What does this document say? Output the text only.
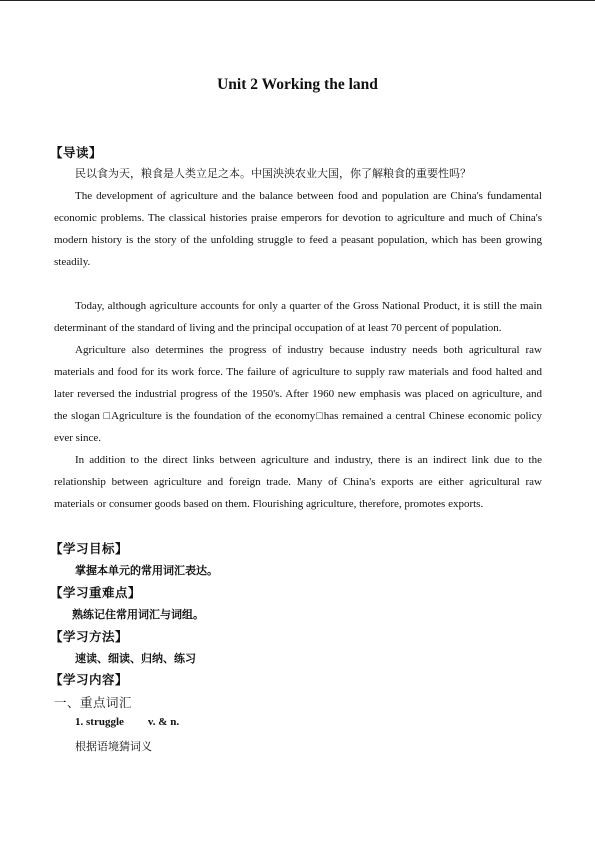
Unit 2 Working the land
【导读】
民以食为天，粮食是人类立足之本。中国泱泱农业大国，你了解粮食的重要性吗？

The development of agriculture and the balance between food and population are China's fundamental economic problems. The classical histories praise emperors for devotion to agriculture and much of China's modern history is the story of the unfolding struggle to feed a peasant population, which has been growing steadily.

Today, although agriculture accounts for only a quarter of the Gross National Product, it is still the main determinant of the standard of living and the principal occupation of at least 70 percent of population.

Agriculture also determines the progress of industry because industry needs both agricultural raw materials and food for its work force. The failure of agriculture to supply raw materials and food halted and later reversed the industrial progress of the 1950's. After 1960 new emphasis was placed on agriculture, and the slogan □Agriculture is the foundation of the economy□has remained a central Chinese economic policy ever since.

In addition to the direct links between agriculture and industry, there is an indirect link due to the relationship between agriculture and foreign trade. Many of China's exports are either agricultural raw materials or consumer goods based on them. Flourishing agriculture, therefore, promotes exports.

【学习目标】
掌握本单元的常用词汇表达。
【学习重难点】
熟练记住常用词汇与词组。
【学习方法】
速读、细读、归纳、练习
【学习内容】
一、重点词汇
1. struggle v. & n.
根据语境猜词义
